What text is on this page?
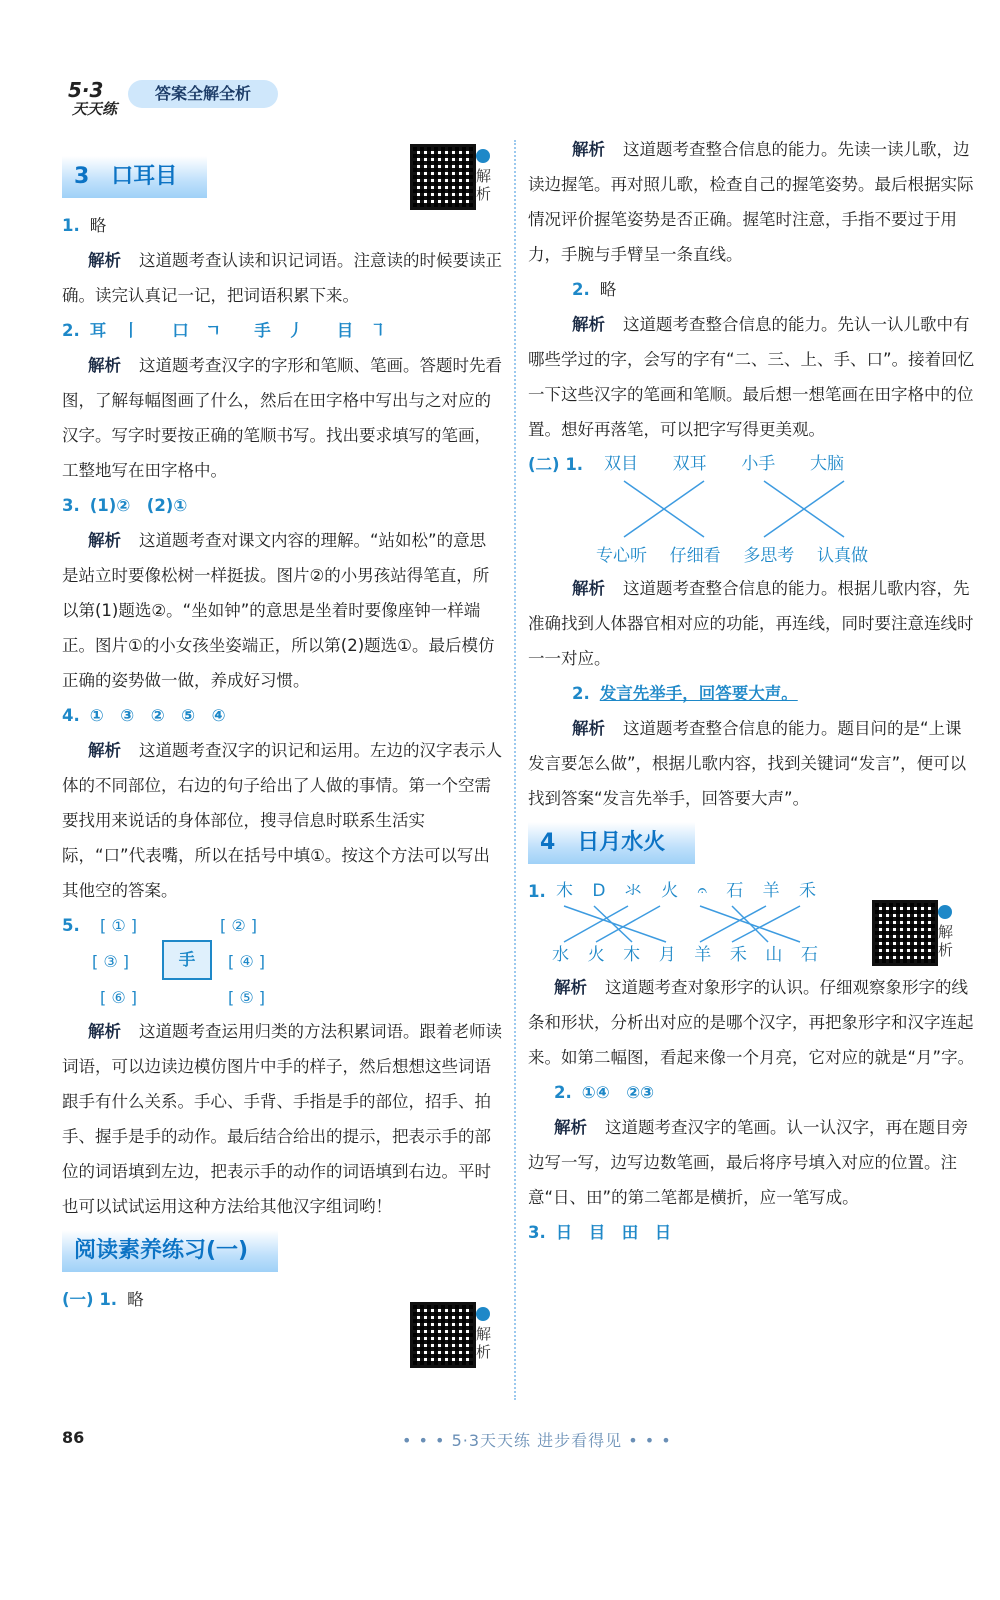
5·3
天天练
答案全解全析
解析
解析
解析
3　口耳目

1. 略

解析 这道题考查认读和识记词语。注意读的时候要读正确。读完认真记一记，把词语积累下来。

2. 耳　丨　　口　ㄱ　　手　丿　　目　㇕

解析 这道题考查汉字的字形和笔顺、笔画。答题时先看图，了解每幅图画了什么，然后在田字格中写出与之对应的汉字。写字时要按正确的笔顺书写。找出要求填写的笔画，工整地写在田字格中。

3. (1)②　(2)①

解析 这道题考查对课文内容的理解。“站如松”的意思是站立时要像松树一样挺拔。图片②的小男孩站得笔直，所以第(1)题选②。“坐如钟”的意思是坐着时要像座钟一样端正。图片①的小女孩坐姿端正，所以第(2)题选①。最后模仿正确的姿势做一做，养成好习惯。

4. ①　③　②　⑤　④

解析 这道题考查汉字的识记和运用。左边的汉字表示人体的不同部位，右边的句子给出了人做的事情。第一个空需要找用来说话的身体部位，搜寻信息时联系生活实际，“口”代表嘴，所以在括号中填①。按这个方法可以写出其他空的答案。

5. [ ① ]
[ ③ ]
[ ⑥ ]
[ ② ]
[ ④ ]
[ ⑤ ]
手

解析 这道题考查运用归类的方法积累词语。跟着老师读词语，可以边读边模仿图片中手的样子，然后想想这些词语跟手有什么关系。手心、手背、手指是手的部位，招手、拍手、握手是手的动作。最后结合给出的提示，把表示手的部位的词语填到左边，把表示手的动作的词语填到右边。平时也可以试试运用这种方法给其他汉字组词哟！

阅读素养练习(一)

(一) 1. 略

解析 这道题考查整合信息的能力。先读一读儿歌，边读边握笔。再对照儿歌，检查自己的握笔姿势。最后根据实际情况评价握笔姿势是否正确。握笔时注意，手指不要过于用力，手腕与手臂呈一条直线。

2. 略

解析 这道题考查整合信息的能力。先认一认儿歌中有哪些学过的字，会写的字有“二、三、上、手、口”。接着回忆一下这些汉字的笔画和笔顺。最后想一想笔画在田字格中的位置。想好再落笔，可以把字写得更美观。

(二) 1. 双目 双耳 小手 大脑
专心听 仔细看 多思考 认真做

解析 这道题考查整合信息的能力。根据儿歌内容，先准确找到人体器官相对应的功能，再连线，同时要注意连线时一一对应。

2. 发言先举手，回答要大声。

解析 这道题考查整合信息的能力。题目问的是“上课发言要怎么做”，根据儿歌内容，找到关键词“发言”，便可以找到答案“发言先举手，回答要大声”。

4　日月水火
1. 木 D 氺 火 𝄐 石 羊 禾
水 火 木 月 羊 禾 山 石

解析 这道题考查对象形字的认识。仔细观察象形字的线条和形状，分析出对应的是哪个汉字，再把象形字和汉字连起来。如第二幅图，看起来像一个月亮，它对应的就是“月”字。

2. ①④　②③

解析 这道题考查汉字的笔画。认一认汉字，再在题目旁边写一写，边写边数笔画，最后将序号填入对应的位置。注意“日、田”的第二笔都是横折，应一笔写成。

3. 日　目　田　日

86	• • • 5·3天天练 进步看得见 • • •
